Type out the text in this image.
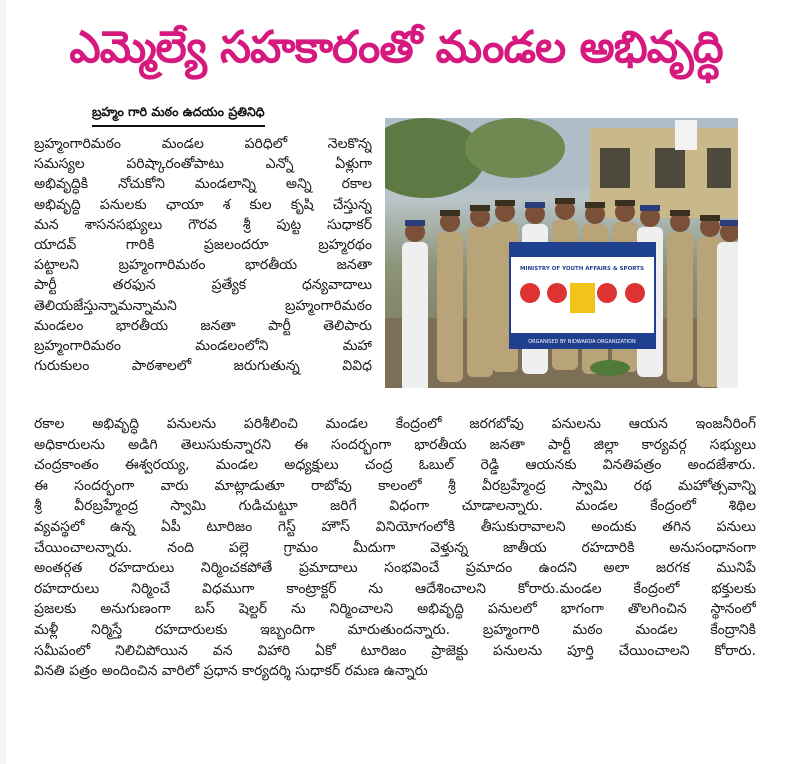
ఎమ్మెల్యే సహకారంతో మండల అభివృద్ధి
బ్రహ్మం గారి మఠం ఉదయం ప్రతినిధి
బ్రహ్మంగారిమఠం మండల పరిధిలో నెలకొన్న
సమస్యల పరిష్కారంతోపాటు ఎన్నో ఏళ్లుగా
అభివృద్ధికి నోచుకోని మండలాన్ని అన్ని రకాల
అభివృద్ధి పనులకు ఛాయా శ కుల కృషి చేస్తున్న
మన శాసనసభ్యులు గౌరవ శ్రీ పుట్ట సుధాకర్
యాదవ్ గారికి ప్రజలందరూ బ్రహ్మరథం
పట్టాలని బ్రహ్మంగారిమఠం భారతీయ జనతా
పార్టీ తరఫున ప్రత్యేక ధన్యవాదాలు
తెలియజేస్తున్నామన్నామని బ్రహ్మంగారిమఠం
మండలం భారతీయ జనతా పార్టీ తెలిపారు
బ్రహ్మంగారిమఠం మండలంలోని మహా
గురుకులం పాఠశాలలో జరుగుతున్న వివిధ
MINISTRY OF YOUTH AFFAIRS & SPORTS
ORGANISED BY NIDWARDA ORGANIZATION
రకాల అభివృద్ధి పనులను పరిశీలించి మండల కేంద్రంలో జరగబోవు పనులను ఆయన ఇంజనీరింగ్
అధికారులను అడిగి తెలుసుకున్నారని ఈ సందర్భంగా భారతీయ జనతా పార్టీ జిల్లా కార్యవర్గ సభ్యులు
చంద్రకాంతం ఈశ్వరయ్య, మండల అధ్యక్షులు చంద్ర ఓబుల్ రెడ్డి ఆయనకు వినతిపత్రం అందజేశారు.
ఈ సందర్భంగా వారు మాట్లాడుతూ రాబోవు కాలంలో శ్రీ వీరబ్రహ్మేంద్ర స్వామి రథ మహోత్సవాన్ని
శ్రీ వీరబ్రహ్మేంద్ర స్వామి గుడిచుట్టూ జరిగే విధంగా చూడాలన్నారు. మండల కేంద్రంలో శిథిల
వ్యవస్థలో ఉన్న ఏపీ టూరిజం గెస్ట్ హౌస్ వినియోగంలోకి తీసుకురావాలని అందుకు తగిన పనులు
చేయించాలన్నారు. నంది పల్లె గ్రామం మీదుగా వెళ్తున్న జాతీయ రహదారికి అనుసంధానంగా
అంతర్గత రహదారులు నిర్మించకపోతే ప్రమాదాలు సంభవించే ప్రమాదం ఉందని అలా జరగక మునిపే
రహదారులు నిర్మించే విధముగా కాంట్రాక్టర్ ను ఆదేశించాలని కోరారు.మండల కేంద్రంలో భక్తులకు
ప్రజలకు అనుగుణంగా బస్ షెల్టర్ ను నిర్మించాలని అభివృద్ధి పనులలో భాగంగా తొలగించిన స్థానంలో
మళ్లీ నిర్మిస్తే రహదారులకు ఇబ్బందిగా మారుతుందన్నారు. బ్రహ్మంగారి మఠం మండల కేంద్రానికి
సమీపంలో నిలిచిపోయిన వన విహారి ఏకో టూరిజం ప్రాజెక్టు పనులను పూర్తి చేయించాలని కోరారు.
వినతి పత్రం అందించిన వారిలో ప్రధాన కార్యదర్శి సుధాకర్ రమణ ఉన్నారు
